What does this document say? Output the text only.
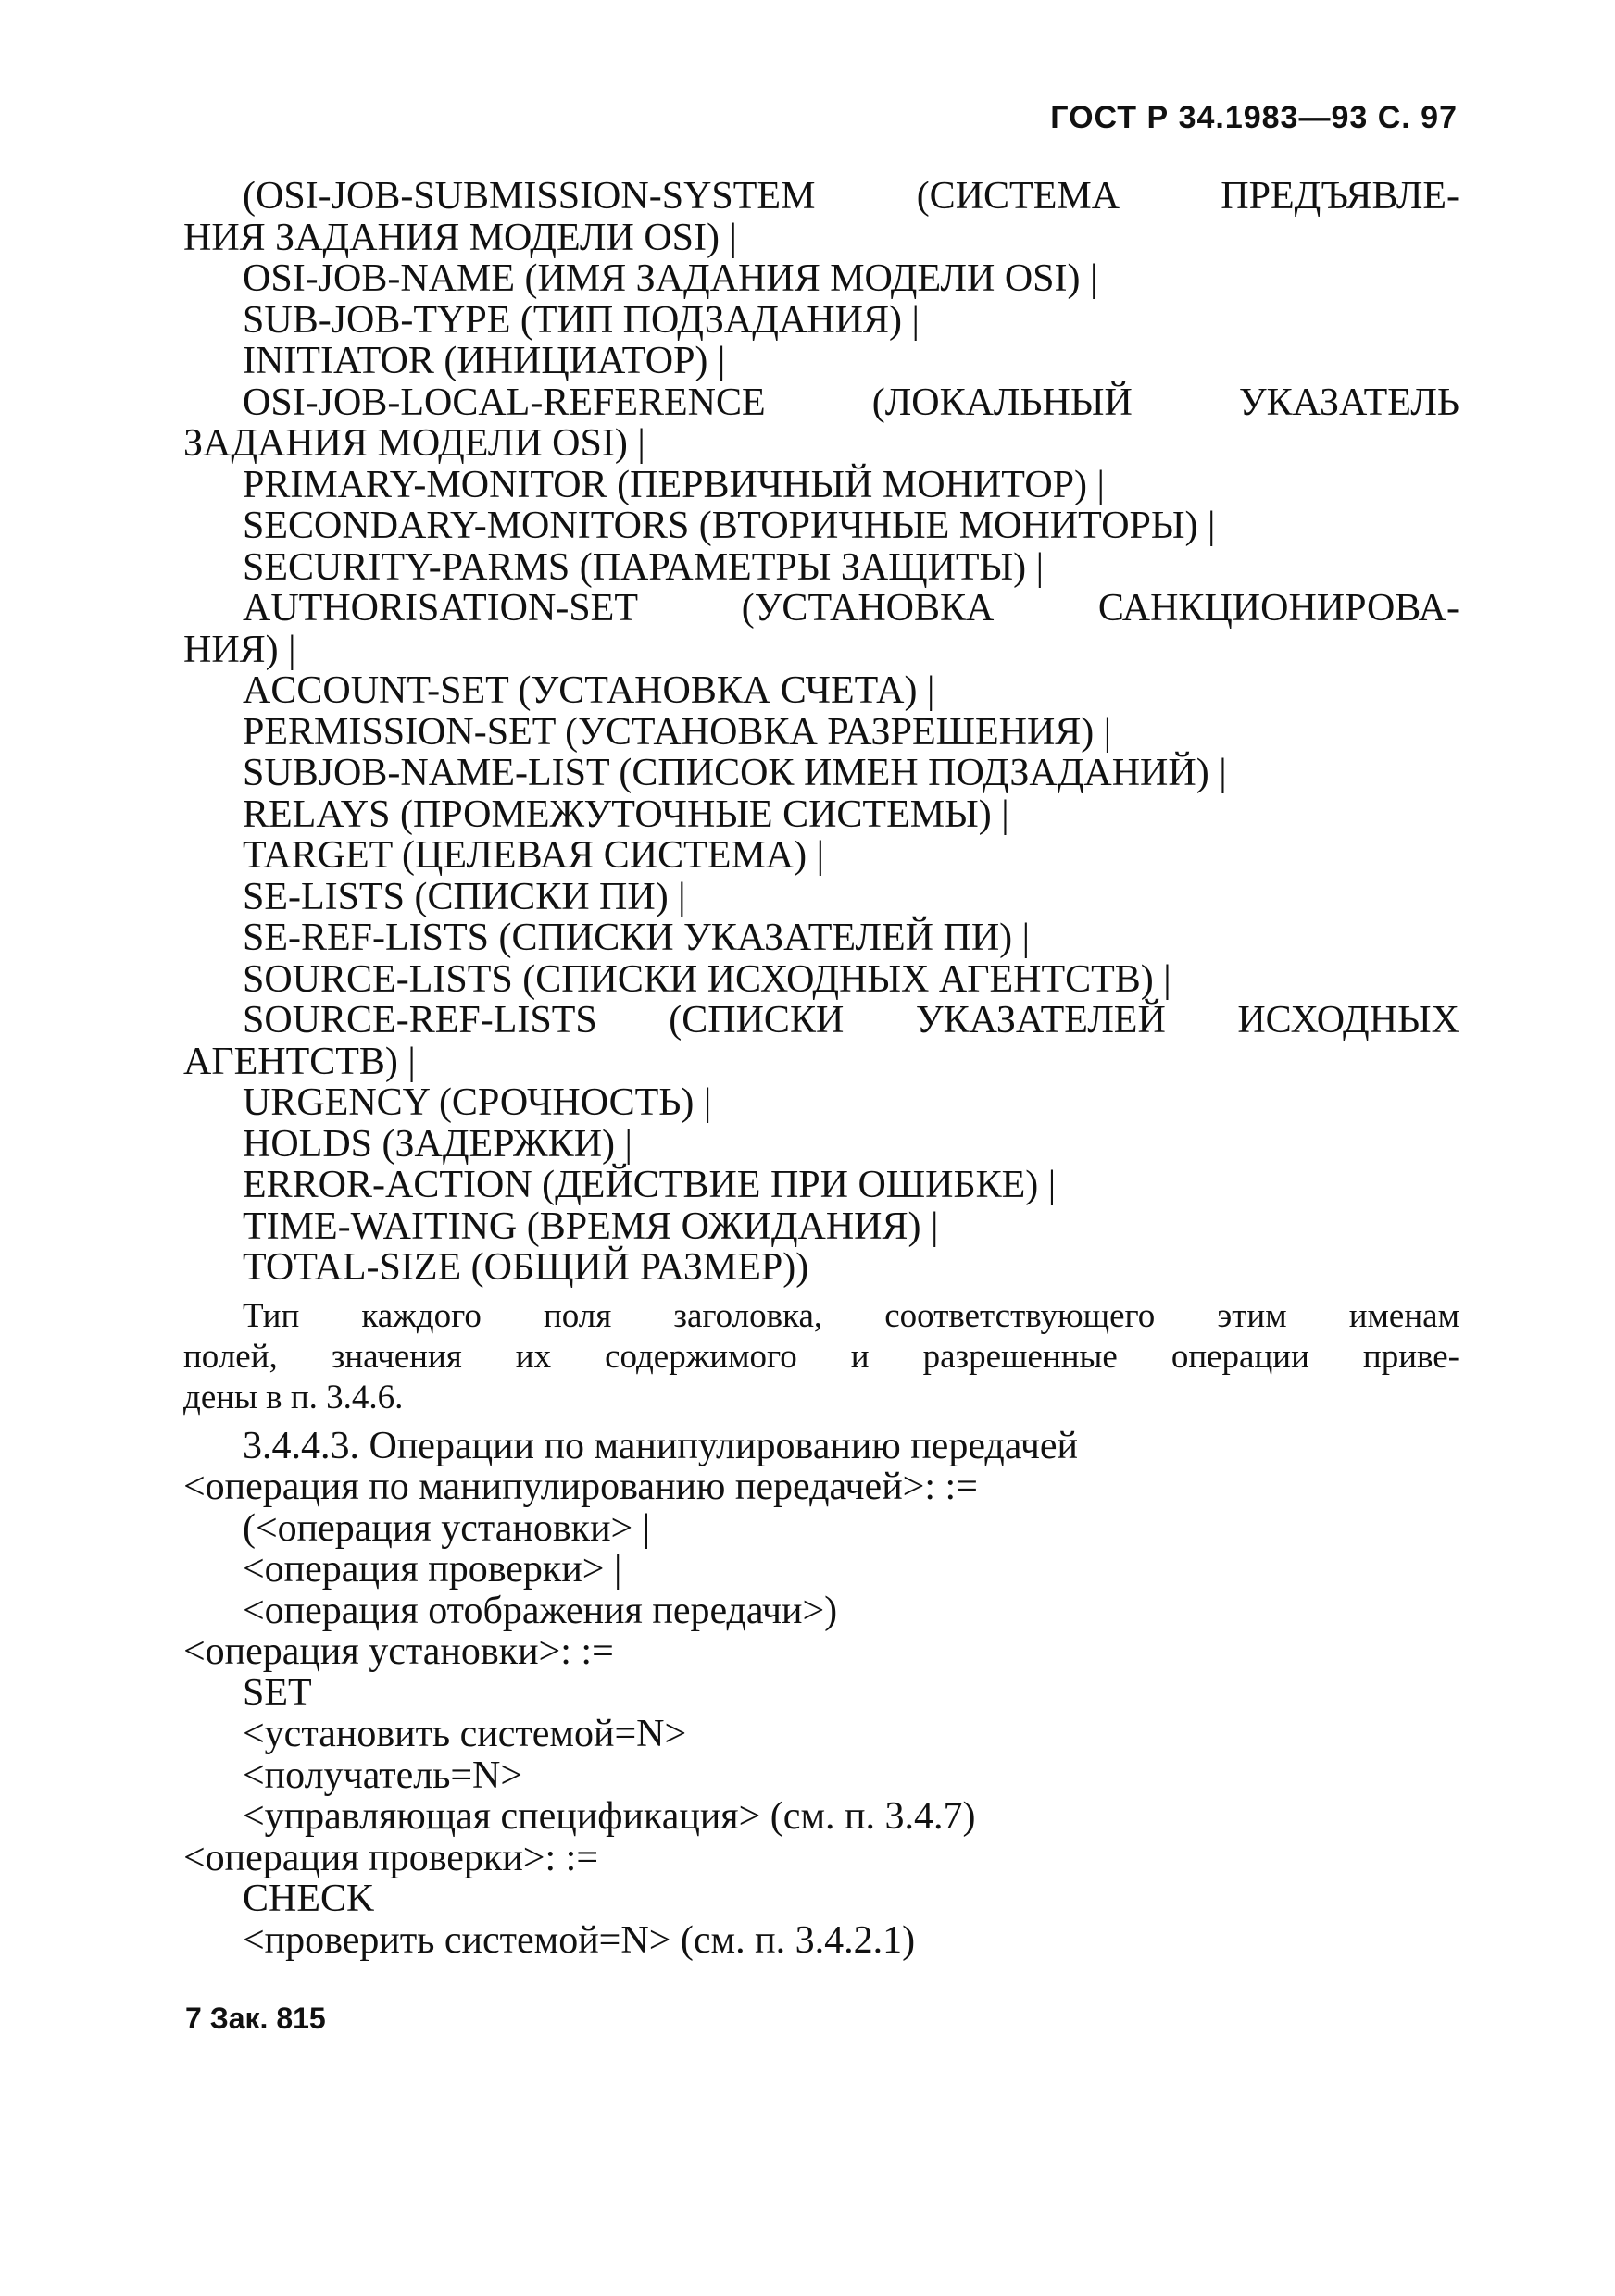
ГОСТ Р 34.1983—93 С. 97
(OSI-JOB-SUBMISSION-SYSTEM (СИСТЕМА ПРЕДЪЯВЛЕ-
НИЯ ЗАДАНИЯ МОДЕЛИ OSI) |
OSI-JOB-NAME (ИМЯ ЗАДАНИЯ МОДЕЛИ OSI) |
SUB-JOB-TYPE (ТИП ПОДЗАДАНИЯ) |
INITIATOR (ИНИЦИАТОР) |
OSI-JOB-LOCAL-REFERENCE (ЛОКАЛЬНЫЙ УКАЗАТЕЛЬ
ЗАДАНИЯ МОДЕЛИ OSI) |
PRIMARY-MONITOR (ПЕРВИЧНЫЙ МОНИТОР) |
SECONDARY-MONITORS (ВТОРИЧНЫЕ МОНИТОРЫ) |
SECURITY-PARMS (ПАРАМЕТРЫ ЗАЩИТЫ) |
AUTHORISATION-SET (УСТАНОВКА САНКЦИОНИРОВА-
НИЯ) |
ACCOUNT-SET (УСТАНОВКА СЧЕТА) |
PERMISSION-SET (УСТАНОВКА РАЗРЕШЕНИЯ) |
SUBJOB-NAME-LIST (СПИСОК ИМЕН ПОДЗАДАНИЙ) |
RELAYS (ПРОМЕЖУТОЧНЫЕ СИСТЕМЫ) |
TARGET (ЦЕЛЕВАЯ СИСТЕМА) |
SE-LISTS (СПИСКИ ПИ) |
SE-REF-LISTS (СПИСКИ УКАЗАТЕЛЕЙ ПИ) |
SOURCE-LISTS (СПИСКИ ИСХОДНЫХ АГЕНТСТВ) |
SOURCE-REF-LISTS (СПИСКИ УКАЗАТЕЛЕЙ ИСХОДНЫХ
АГЕНТСТВ) |
URGENCY (СРОЧНОСТЬ) |
HOLDS (ЗАДЕРЖКИ) |
ERROR-ACTION (ДЕЙСТВИЕ ПРИ ОШИБКЕ) |
TIME-WAITING (ВРЕМЯ ОЖИДАНИЯ) |
TOTAL-SIZE (ОБЩИЙ РАЗМЕР))
Тип каждого поля заголовка, соответствующего этим именам
полей, значения их содержимого и разрешенные операции приве-
дены в п. 3.4.6.
3.4.4.3. Операции по манипулированию передачей
<операция по манипулированию передачей>: :=
(<операция установки> |
<операция проверки> |
<операция отображения передачи>)
<операция установки>: :=
SET
<установить системой=N>
<получатель=N>
<управляющая спецификация> (см. п. 3.4.7)
<операция проверки>: :=
CHECK
<проверить системой=N> (см. п. 3.4.2.1)
7 Зак. 815
